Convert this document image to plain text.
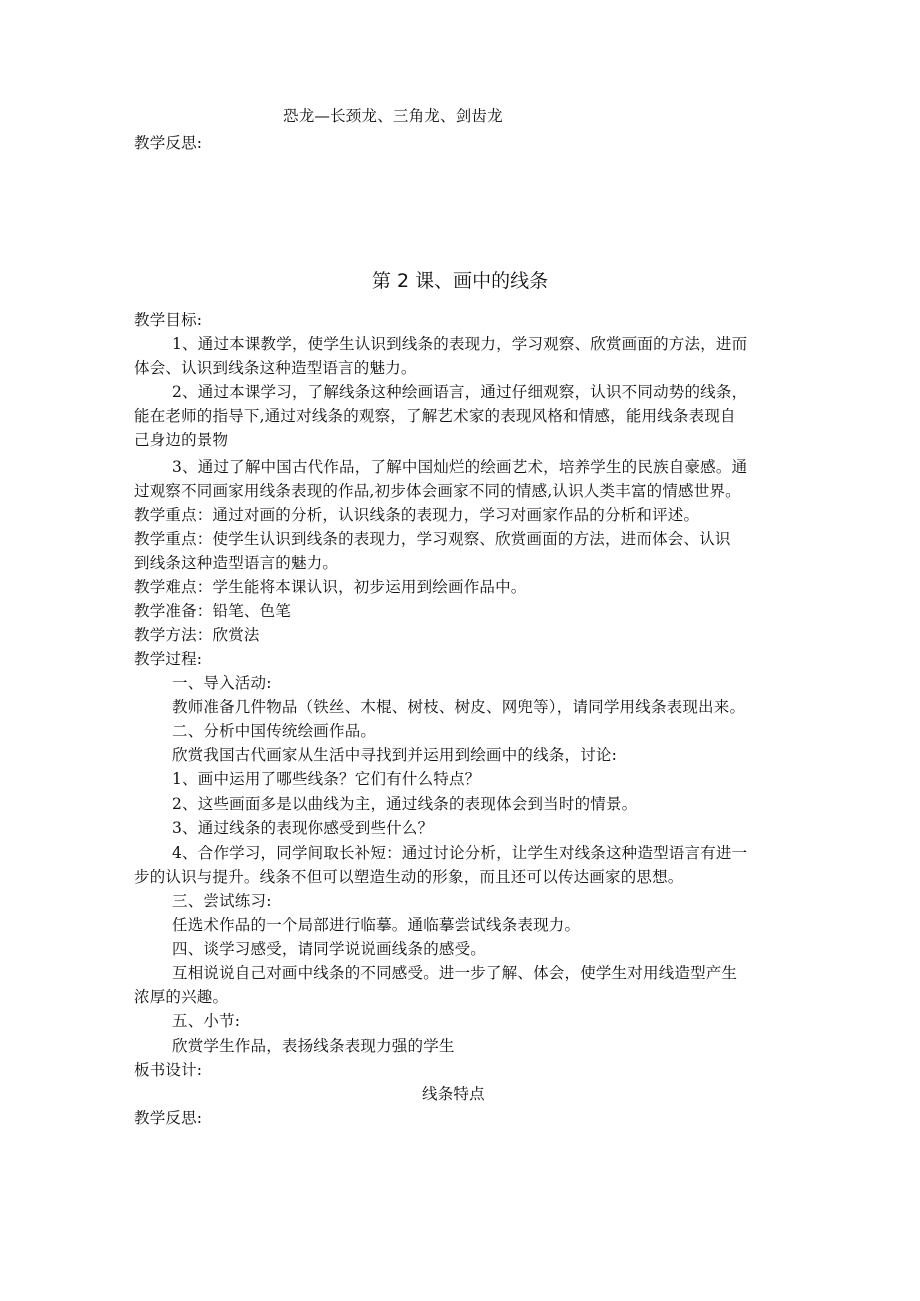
恐龙—长颈龙、三角龙、剑齿龙
教学反思:
第 2 课、画中的线条
教学目标:
1、通过本课教学，使学生认识到线条的表现力，学习观察、欣赏画面的方法，进而
体会、认识到线条这种造型语言的魅力。
2、通过本课学习，了解线条这种绘画语言，通过仔细观察，认识不同动势的线条，
能在老师的指导下,通过对线条的观察，了解艺术家的表现风格和情感，能用线条表现自
己身边的景物
3、通过了解中国古代作品，了解中国灿烂的绘画艺术，培养学生的民族自豪感。通
过观察不同画家用线条表现的作品,初步体会画家不同的情感,认识人类丰富的情感世界。
教学重点：通过对画的分析，认识线条的表现力，学习对画家作品的分析和评述。
教学重点：使学生认识到线条的表现力，学习观察、欣赏画面的方法，进而体会、认识
到线条这种造型语言的魅力。
教学难点：学生能将本课认识，初步运用到绘画作品中。
教学准备：铅笔、色笔
教学方法：欣赏法
教学过程:
一、导入活动:
教师准备几件物品（铁丝、木棍、树枝、树皮、网兜等），请同学用线条表现出来。
二、分析中国传统绘画作品。
欣赏我国古代画家从生活中寻找到并运用到绘画中的线条，讨论:
1、画中运用了哪些线条？它们有什么特点？
2、这些画面多是以曲线为主，通过线条的表现体会到当时的情景。
3、通过线条的表现你感受到些什么？
4、合作学习，同学间取长补短：通过讨论分析，让学生对线条这种造型语言有进一
步的认识与提升。线条不但可以塑造生动的形象，而且还可以传达画家的思想。
三、尝试练习:
任选术作品的一个局部进行临摹。通临摹尝试线条表现力。
四、谈学习感受，请同学说说画线条的感受。
互相说说自己对画中线条的不同感受。进一步了解、体会，使学生对用线造型产生
浓厚的兴趣。
五、小节:
欣赏学生作品，表扬线条表现力强的学生
板书设计:
线条特点
教学反思:
